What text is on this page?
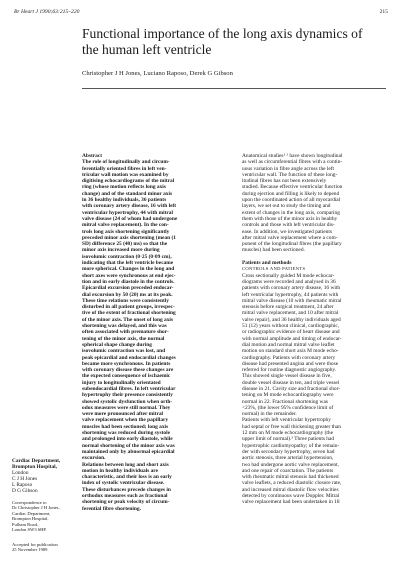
Br Heart J 1990;63:215–220	215
Functional importance of the long axis dynamics of the human left ventricle
Christopher J H Jones, Luciano Raposo, Derek G Gibson

Abstract

The role of longitudinally and circum-

ferentially oriented fibres in left ven-

tricular wall motion was examined by

digitising echocardiograms of the mitral

ring (whose motion reflects long axis

change) and of the standard minor axis

in 36 healthy individuals, 36 patients

with coronary artery disease, 16 with left

ventricular hypertrophy, 44 with mitral

valve disease (24 of whom had undergone

mitral valve replacement). In the con-

trols long axis shortening significantly

preceded minor axis shortening (mean (1

SD) difference 25 (40) ms) so that the

minor axis increased more during

isovolumic contraction (0·25 (0·09 cm),

indicating that the left ventricle became

more spherical. Changes in the long and

short axes were synchronous at end ejec-

tion and in early diastole in the controls.

Epicardial excursion preceded endocar-

dial excursion by 50 (20) ms at its peak.

These time relations were consistently

disturbed in all patient groups, irrespec-

tive of the extent of fractional shortening

of the minor axis. The onset of long axis

shortening was delayed, and this was

often associated with premature shor-

tening of the minor axis, the normal

spherical shape change during

isovolumic contraction was lost, and

peak epicardial and endocardial changes

became more synchronous. In patients

with coronary disease these changes are

the expected consequence of ischaemic

injury to longitudinally orientated

subendocardial fibres. In left ventricular

hypertrophy their presence consistently

showed systolic dysfunction when orth-

odox measures were still normal. They

were more pronounced after mitral

valve replacement when the papillary

muscles had been sectioned; long axis

shortening was reduced during systole

and prolonged into early diastole, while

normal shortening of the minor axis was

maintained only by abnormal epicardial

excursion.

Relations between long and short axis

motion in healthy individuals are

characteristic, and their loss is an early

index of systolic ventricular disease.

These disturbances precede changes in

orthodox measures such as fractional

shortening or peak velocity of circum-

ferential fibre shortening.

Cardiac Department,

Brompton Hospital,

London

C J H Jones

L Raposo

D G Gibson

Correspondence to

Dr Christopher J H Jones,

Cardiac Department,

Brompton Hospital,

Fulham Road,

London SW3 6HP.

Accepted for publication

25 November 1989

Anatomical studies¹ ² have shown longitudinal

as well as circumferential fibres with a contin-

uous variation in fibre angle across the left

ventricular wall. The function of these long-

itudinal fibres has not been extensively

studied. Because effective ventricular function

during ejection and filling is likely to depend

upon the coordinated action of all myocardial

layers, we set out to study the timing and

extent of changes in the long axis, comparing

them with those of the minor axis in healthy

controls and those with left ventricular dis-

ease. In addition, we investigated patients

after mitral valve replacement where a com-

ponent of the longitudinal fibres (the papillary

muscles) had been sectioned.

Patients and methods

CONTROLS AND PATIENTS

Cross sectionally guided M mode echocar-

diograms were recorded and analysed in 36

patients with coronary artery disease, 16 with

left ventricular hypertrophy, 44 patients with

mitral valve disease (10 with rheumatic mitral

stenosis before surgical treatment, 24 after

mitral valve replacement, and 10 after mitral

valve repair), and 36 healthy individuals aged

51 (12) years without clinical, cardiographic,

or radiographic evidence of heart disease and

with normal amplitude and timing of endocar-

dial motion and normal mitral valve leaflet

motion on standard short axis M mode echo-

cardiography. Patients with coronary artery

disease had presented angina and were those

referred for routine diagnostic angiography.

This showed single vessel disease in five,

double vessel disease in ten, and triple vessel

disease in 21. Cavity size and fractional shor-

tening on M mode echocardiography were

normal in 22. Fractional shortening was

<23%, (the lower 95% confidence limit of

normal) in the remainder.

Patients with left ventricular hypertrophy

had septal or free wall thickening greater than

12 mm on M mode echocardiography (the

upper limit of normal).³ Three patients had

hypertrophic cardiomyopathy; of the remain-

der with secondary hypertrophy, seven had

aortic stenosis, three arterial hypertension,

two had undergone aortic valve replacement,

and one repair of coarctation. The patients

with rheumatic mitral stenosis had thickened

valve leaflets, a reduced diastolic closure rate,

and increased mitral diastolic flow velocities

detected by continuous wave Doppler. Mitral

valve replacement had been undertaken in 18
